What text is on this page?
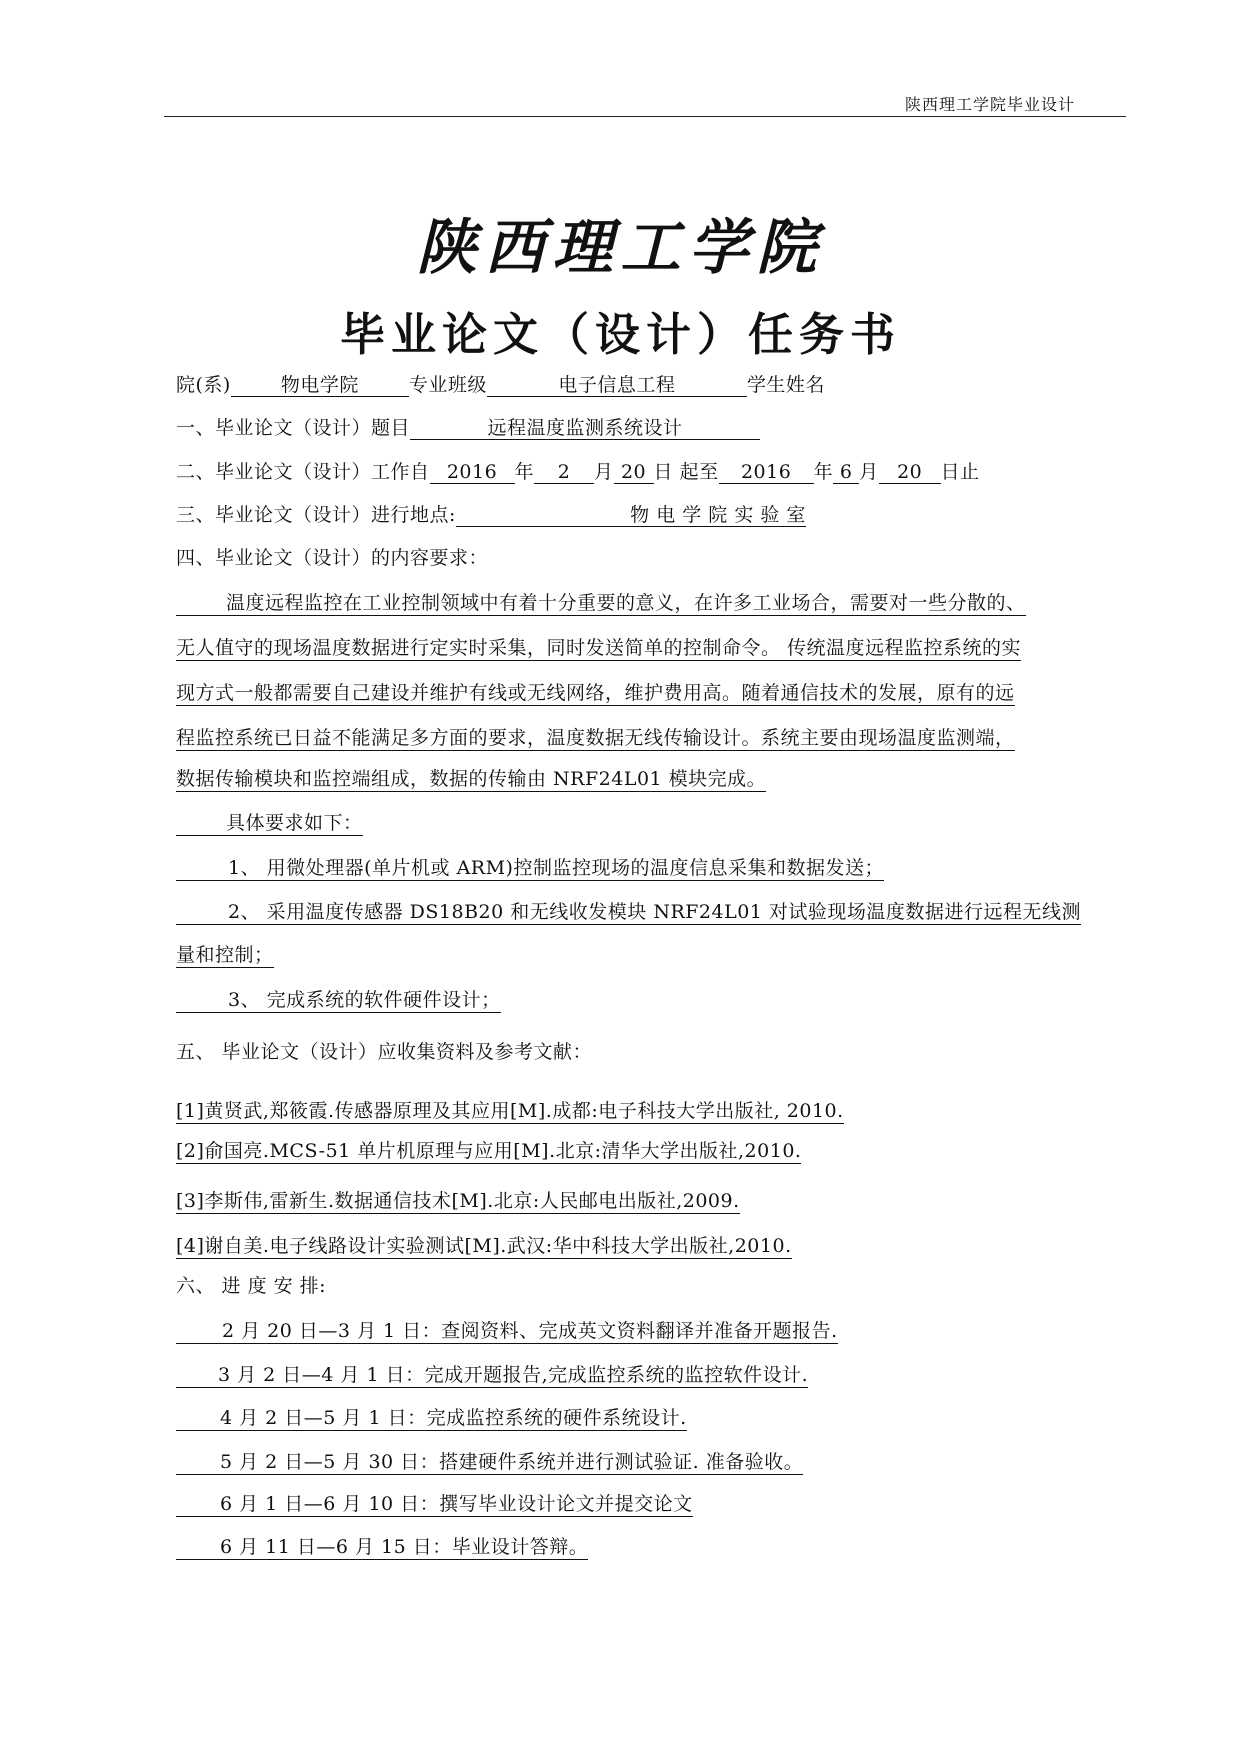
陕西理工学院毕业设计
陕西理工学院
毕业论文（设计）任务书
院(系)	物电学院	专业班级	电子信息工程	学生姓名
一、毕业论文（设计）题目	远程温度监测系统设计
二、毕业论文（设计）工作自 2016 年 2 月 20 日 起至 2016 年 6 月 20 日止
三、毕业论文（设计）进行地点:	物 电 学 院 实 验 室
四、毕业论文（设计）的内容要求：
温度远程监控在工业控制领域中有着十分重要的意义，在许多工业场合，需要对一些分散的、
无人值守的现场温度数据进行定实时采集，同时发送简单的控制命令。 传统温度远程监控系统的实
现方式一般都需要自己建设并维护有线或无线网络，维护费用高。随着通信技术的发展，原有的远
程监控系统已日益不能满足多方面的要求，温度数据无线传输设计。系统主要由现场温度监测端，
数据传输模块和监控端组成，数据的传输由 NRF24L01 模块完成。
具体要求如下：
1、 用微处理器(单片机或 ARM)控制监控现场的温度信息采集和数据发送；
2、 采用温度传感器 DS18B20 和无线收发模块 NRF24L01 对试验现场温度数据进行远程无线测
量和控制；
3、 完成系统的软件硬件设计；
五、 毕业论文（设计）应收集资料及参考文献：
[1]黄贤武,郑筱霞.传感器原理及其应用[M].成都:电子科技大学出版社, 2010.
[2]俞国亮.MCS-51 单片机原理与应用[M].北京:清华大学出版社,2010.
[3]李斯伟,雷新生.数据通信技术[M].北京:人民邮电出版社,2009.
[4]谢自美.电子线路设计实验测试[M].武汉:华中科技大学出版社,2010.
六、 进 度 安 排:
2 月 20 日—3 月 1 日：查阅资料、完成英文资料翻译并准备开题报告.
3 月 2 日—4 月 1 日：完成开题报告,完成监控系统的监控软件设计.
4 月 2 日—5 月 1 日：完成监控系统的硬件系统设计.
5 月 2 日—5 月 30 日：搭建硬件系统并进行测试验证. 准备验收。
6 月 1 日—6 月 10 日：撰写毕业设计论文并提交论文
6 月 11 日—6 月 15 日：毕业设计答辩。
